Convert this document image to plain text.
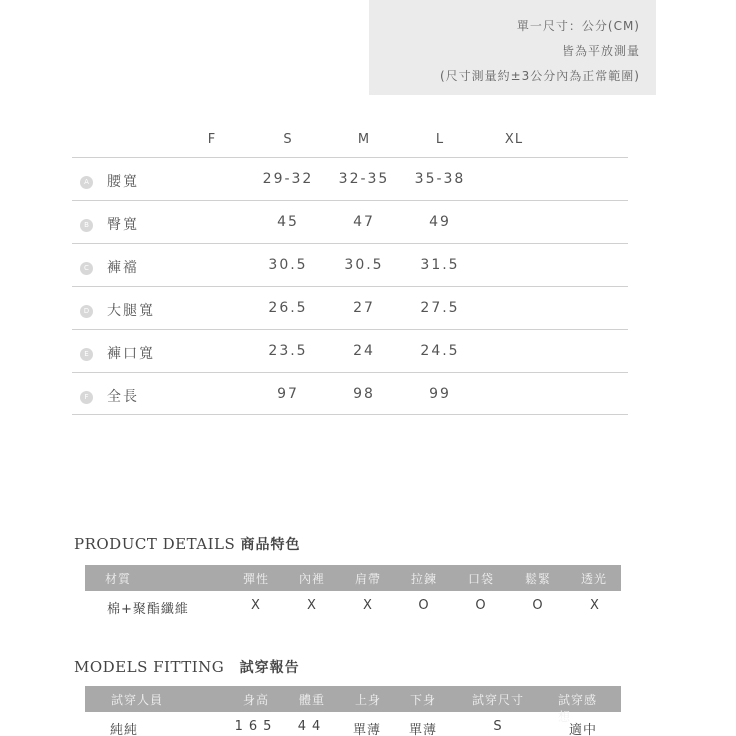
單一尺寸：公分(CM)
皆為平放測量
(尺寸測量約±3公分內為正常範圍)
F	S	M	L	XL
A 腰寬	29-32 32-35 35-38
B 臀寬	45	47	49
C 褲襠	30.5	30.5	31.5
D 大腿寬	26.5	27	27.5
E	褲口寬	23.5	24	24.5
F	全長	97	98	99
PRODUCT DETAILS 商品特色
材質	彈性 內裡 肩帶 拉鍊	口袋	鬆緊 透光
棉+聚酯纖維	X	X	X	O	O	O	X
MODELS FITTING 試穿報告
試穿人員	身高 體重 上身 下身	試穿尺寸	試穿感想
純純	165 44 單薄 單薄	S	適中
